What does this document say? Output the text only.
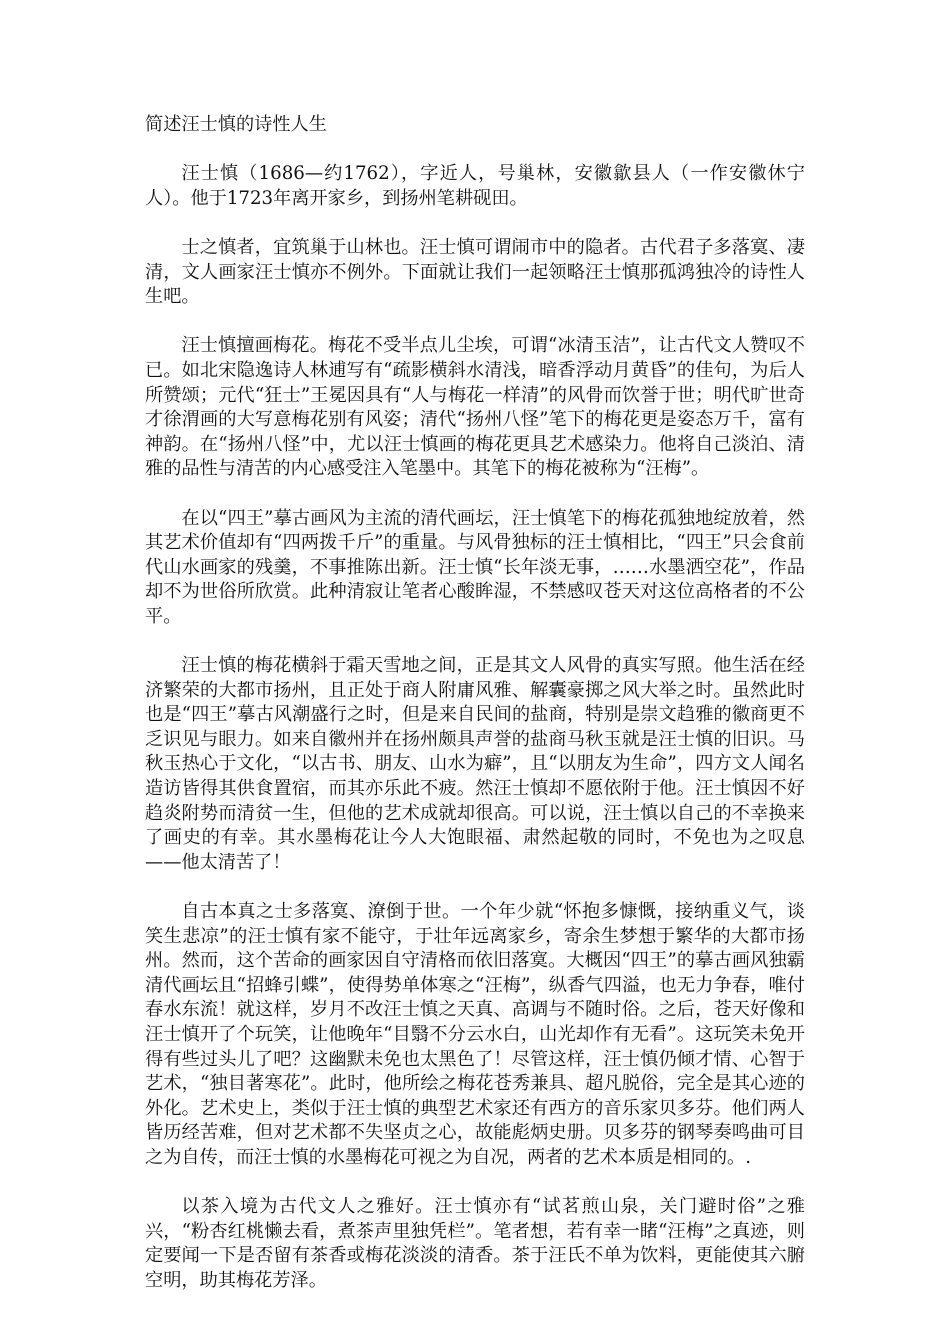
简述汪士慎的诗性人生

汪士慎（1686—约1762），字近人，号巢林，安徽歙县人（一作安徽休宁人）。他于1723年离开家乡，到扬州笔耕砚田。

士之慎者，宜筑巢于山林也。汪士慎可谓闹市中的隐者。古代君子多落寞、凄清，文人画家汪士慎亦不例外。下面就让我们一起领略汪士慎那孤鸿独冷的诗性人生吧。

汪士慎擅画梅花。梅花不受半点儿尘埃，可谓“冰清玉洁”，让古代文人赞叹不已。如北宋隐逸诗人林逋写有“疏影横斜水清浅，暗香浮动月黄昏”的佳句，为后人所赞颂；元代“狂士”王冕因具有“人与梅花一样清”的风骨而饮誉于世；明代旷世奇才徐渭画的大写意梅花别有风姿；清代“扬州八怪”笔下的梅花更是姿态万千，富有神韵。在“扬州八怪”中，尤以汪士慎画的梅花更具艺术感染力。他将自己淡泊、清雅的品性与清苦的内心感受注入笔墨中。其笔下的梅花被称为“汪梅”。

在以“四王”摹古画风为主流的清代画坛，汪士慎笔下的梅花孤独地绽放着，然其艺术价值却有“四两拨千斤”的重量。与风骨独标的汪士慎相比，“四王”只会食前代山水画家的残羹，不事推陈出新。汪士慎“长年淡无事，……水墨洒空花”，作品却不为世俗所欣赏。此种清寂让笔者心酸眸湿，不禁感叹苍天对这位高格者的不公平。

汪士慎的梅花横斜于霜天雪地之间，正是其文人风骨的真实写照。他生活在经济繁荣的大都市扬州，且正处于商人附庸风雅、解囊豪掷之风大举之时。虽然此时也是“四王”摹古风潮盛行之时，但是来自民间的盐商，特别是崇文趋雅的徽商更不乏识见与眼力。如来自徽州并在扬州颇具声誉的盐商马秋玉就是汪士慎的旧识。马秋玉热心于文化，“以古书、朋友、山水为癖”，且“以朋友为生命”，四方文人闻名造访皆得其供食置宿，而其亦乐此不疲。然汪士慎却不愿依附于他。汪士慎因不好趋炎附势而清贫一生，但他的艺术成就却很高。可以说，汪士慎以自己的不幸换来了画史的有幸。其水墨梅花让今人大饱眼福、肃然起敬的同时，不免也为之叹息——他太清苦了！

自古本真之士多落寞、潦倒于世。一个年少就“怀抱多慷慨，接纳重义气，谈笑生悲凉”的汪士慎有家不能守，于壮年远离家乡，寄余生梦想于繁华的大都市扬州。然而，这个苦命的画家因自守清格而依旧落寞。大概因“四王”的摹古画风独霸清代画坛且“招蜂引蝶”，使得势单体寒之“汪梅”，纵香气四溢，也无力争春，唯付春水东流！就这样，岁月不改汪士慎之天真、高调与不随时俗。之后，苍天好像和汪士慎开了个玩笑，让他晚年“目翳不分云水白，山光却作有无看”。这玩笑未免开得有些过头儿了吧？这幽默未免也太黑色了！尽管这样，汪士慎仍倾才情、心智于艺术，“独目著寒花”。此时，他所绘之梅花苍秀兼具、超凡脱俗，完全是其心迹的外化。艺术史上，类似于汪士慎的典型艺术家还有西方的音乐家贝多芬。他们两人皆历经苦难，但对艺术都不失坚贞之心，故能彪炳史册。贝多芬的钢琴奏鸣曲可目之为自传，而汪士慎的水墨梅花可视之为自况，两者的艺术本质是相同的。.

以茶入境为古代文人之雅好。汪士慎亦有“试茗煎山泉，关门避时俗”之雅兴，“粉杏红桃懒去看，煮茶声里独凭栏”。笔者想，若有幸一睹“汪梅”之真迹，则定要闻一下是否留有茶香或梅花淡淡的清香。茶于汪氏不单为饮料，更能使其六腑空明，助其梅花芳泽。
